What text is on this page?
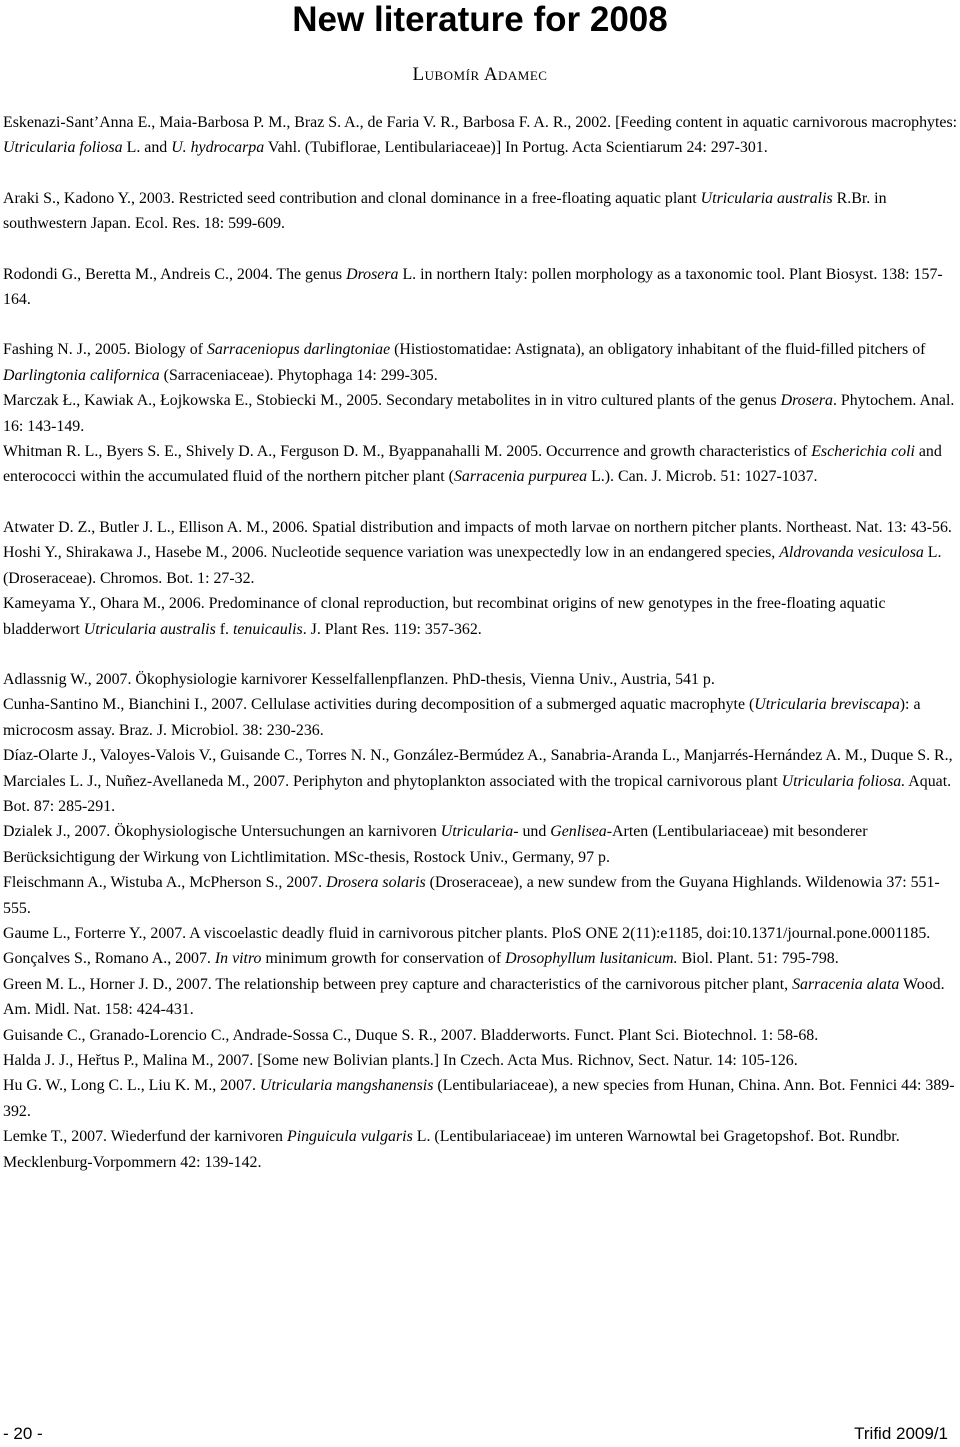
New literature for 2008
Lubomír Adamec

Eskenazi-Sant’Anna E., Maia-Barbosa P. M., Braz S. A., de Faria V. R., Barbosa F. A. R., 2002. [Feeding content in aquatic carnivorous macrophytes: Utricularia foliosa L. and U. hydrocarpa Vahl. (Tubiflorae, Lentibulariaceae)] In Portug. Acta Scientiarum 24: 297-301.

Araki S., Kadono Y., 2003. Restricted seed contribution and clonal dominance in a free-floating aquatic plant Utricularia australis R.Br. in southwestern Japan. Ecol. Res. 18: 599-609.

Rodondi G., Beretta M., Andreis C., 2004. The genus Drosera L. in northern Italy: pollen morphology as a taxonomic tool. Plant Biosyst. 138: 157-164.

Fashing N. J., 2005. Biology of Sarraceniopus darlingtoniae (Histiostomatidae: Astignata), an obligatory inhabitant of the fluid-filled pitchers of Darlingtonia californica (Sarraceniaceae). Phytophaga 14: 299-305.

Marczak Ł., Kawiak A., Łojkowska E., Stobiecki M., 2005. Secondary metabolites in in vitro cultured plants of the genus Drosera. Phytochem. Anal. 16: 143-149.

Whitman R. L., Byers S. E., Shively D. A., Ferguson D. M., Byappanahalli M. 2005. Occurrence and growth characteristics of Escherichia coli and enterococci within the accumulated fluid of the northern pitcher plant (Sarracenia purpurea L.). Can. J. Microb. 51: 1027-1037.

Atwater D. Z., Butler J. L., Ellison A. M., 2006. Spatial distribution and impacts of moth larvae on northern pitcher plants. Northeast. Nat. 13: 43-56.

Hoshi Y., Shirakawa J., Hasebe M., 2006. Nucleotide sequence variation was unexpectedly low in an endangered species, Aldrovanda vesiculosa L. (Droseraceae). Chromos. Bot. 1: 27-32.

Kameyama Y., Ohara M., 2006. Predominance of clonal reproduction, but recombinat origins of new genotypes in the free-floating aquatic bladderwort Utricularia australis f. tenuicaulis. J. Plant Res. 119: 357-362.

Adlassnig W., 2007. Ökophysiologie karnivorer Kesselfallenpflanzen. PhD-thesis, Vienna Univ., Austria, 541 p.

Cunha-Santino M., Bianchini I., 2007. Cellulase activities during decomposition of a submerged aquatic macrophyte (Utricularia breviscapa): a microcosm assay. Braz. J. Microbiol. 38: 230-236.

Díaz-Olarte J., Valoyes-Valois V., Guisande C., Torres N. N., González-Bermúdez A., Sanabria-Aranda L., Manjarrés-Hernández A. M., Duque S. R., Marciales L. J., Nuñez-Avellaneda M., 2007. Periphyton and phytoplankton associated with the tropical carnivorous plant Utricularia foliosa. Aquat. Bot. 87: 285-291.

Dzialek J., 2007. Ökophysiologische Untersuchungen an karnivoren Utricularia- und Genlisea-Arten (Lentibulariaceae) mit besonderer Berücksichtigung der Wirkung von Lichtlimitation. MSc-thesis, Rostock Univ., Germany, 97 p.

Fleischmann A., Wistuba A., McPherson S., 2007. Drosera solaris (Droseraceae), a new sundew from the Guyana Highlands. Wildenowia 37: 551-555.

Gaume L., Forterre Y., 2007. A viscoelastic deadly fluid in carnivorous pitcher plants. PloS ONE 2(11):e1185, doi:10.1371/journal.pone.0001185.

Gonçalves S., Romano A., 2007. In vitro minimum growth for conservation of Drosophyllum lusitanicum. Biol. Plant. 51: 795-798.

Green M. L., Horner J. D., 2007. The relationship between prey capture and characteristics of the carnivorous pitcher plant, Sarracenia alata Wood. Am. Midl. Nat. 158: 424-431.

Guisande C., Granado-Lorencio C., Andrade-Sossa C., Duque S. R., 2007. Bladderworts. Funct. Plant Sci. Biotechnol. 1: 58-68.

Halda J. J., Heřtus P., Malina M., 2007. [Some new Bolivian plants.] In Czech. Acta Mus. Richnov, Sect. Natur. 14: 105-126.

Hu G. W., Long C. L., Liu K. M., 2007. Utricularia mangshanensis (Lentibulariaceae), a new species from Hunan, China. Ann. Bot. Fennici 44: 389-392.

Lemke T., 2007. Wiederfund der karnivoren Pinguicula vulgaris L. (Lentibulariaceae) im unteren Warnowtal bei Gragetopshof. Bot. Rundbr. Mecklenburg-Vorpommern 42: 139-142.

- 20 -	Trifid 2009/1
